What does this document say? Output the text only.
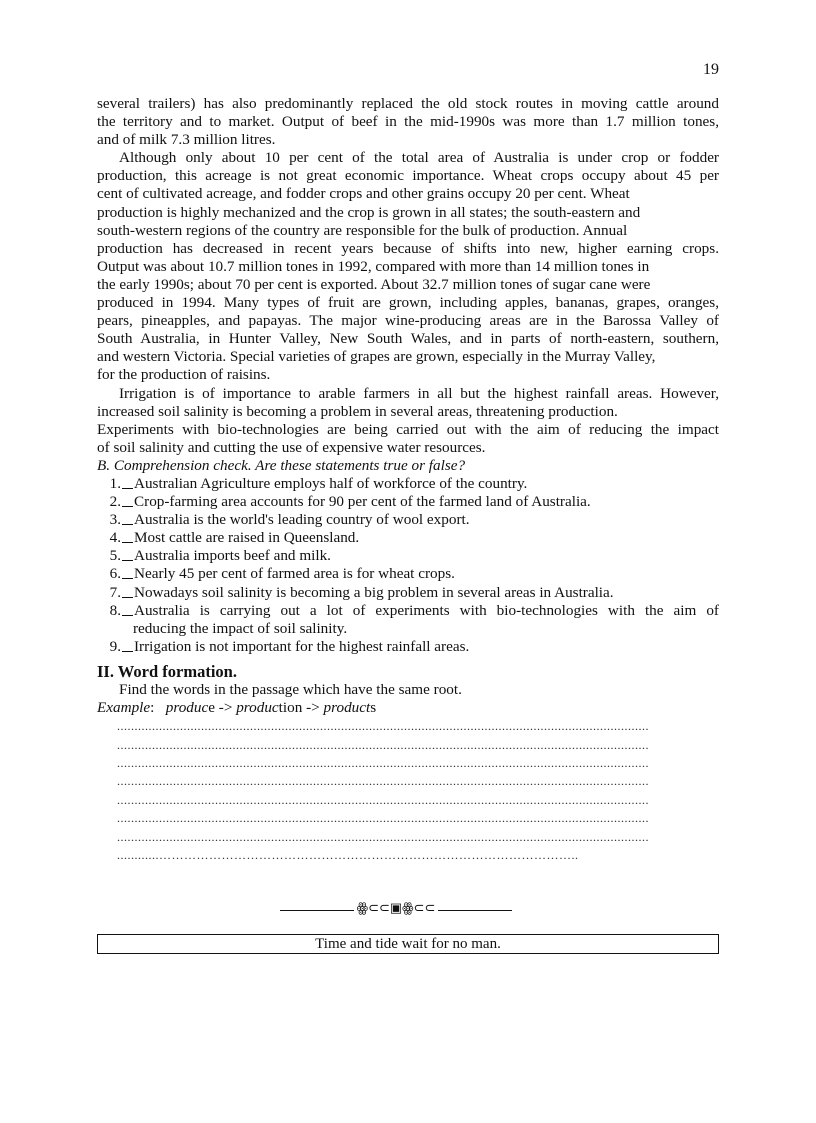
19
several trailers) has also predominantly replaced the old stock routes in moving cattle around
the territory and to market. Output of beef in the mid-1990s was more than 1.7 million tones,
and of milk 7.3 million litres.
Although only about 10 per cent of the total area of Australia is under crop or fodder
production, this acreage is not great economic importance. Wheat crops occupy about 45 per
cent of cultivated acreage, and fodder crops and other grains occupy 20 per cent. Wheat
production is highly mechanized and the crop is grown in all states; the south-eastern and
south-western regions of the country are responsible for the bulk of production. Annual
production has decreased in recent years because of shifts into new, higher earning crops.
Output was about 10.7 million tones in 1992, compared with more than 14 million tones in
the early 1990s; about 70 per cent is exported. About 32.7 million tones of sugar cane were
produced in 1994. Many types of fruit are grown, including apples, bananas, grapes, oranges,
pears, pineapples, and papayas. The major wine-producing areas are in the Barossa Valley of
South Australia, in Hunter Valley, New South Wales, and in parts of north-eastern, southern,
and western Victoria. Special varieties of grapes are grown, especially in the Murray Valley,
for the production of raisins.
Irrigation is of importance to arable farmers in all but the highest rainfall areas. However,
increased soil salinity is becoming a problem in several areas, threatening production.
Experiments with bio-technologies are being carried out with the aim of reducing the impact
of soil salinity and cutting the use of expensive water resources.
B. Comprehension check. Are these statements true or false?
1. Australian Agriculture employs half of workforce of the country.
2. Crop-farming area accounts for 90 per cent of the farmed land of Australia.
3. Australia is the world's leading country of wool export.
4. Most cattle are raised in Queensland.
5. Australia imports beef and milk.
6. Nearly 45 per cent of farmed area is for wheat crops.
7. Nowadays soil salinity is becoming a big problem in several areas in Australia.
8. Australia is carrying out a lot of experiments with bio-technologies with the aim of
reducing the impact of soil salinity.
9. Irrigation is not important for the highest rainfall areas.
II. Word formation.
Find the words in the passage which have the same root.
Example: produce -> production -> products
........................................................................................................................................................
........................................................................................................................................................
........................................................................................................................................................
........................................................................................................................................................
........................................................................................................................................................
........................................................................................................................................................
........................................................................................................................................................
............………………………………………………………………………………………..
ꙮ⊂⊂▣ꙮ⊂⊂
Time and tide wait for no man.
